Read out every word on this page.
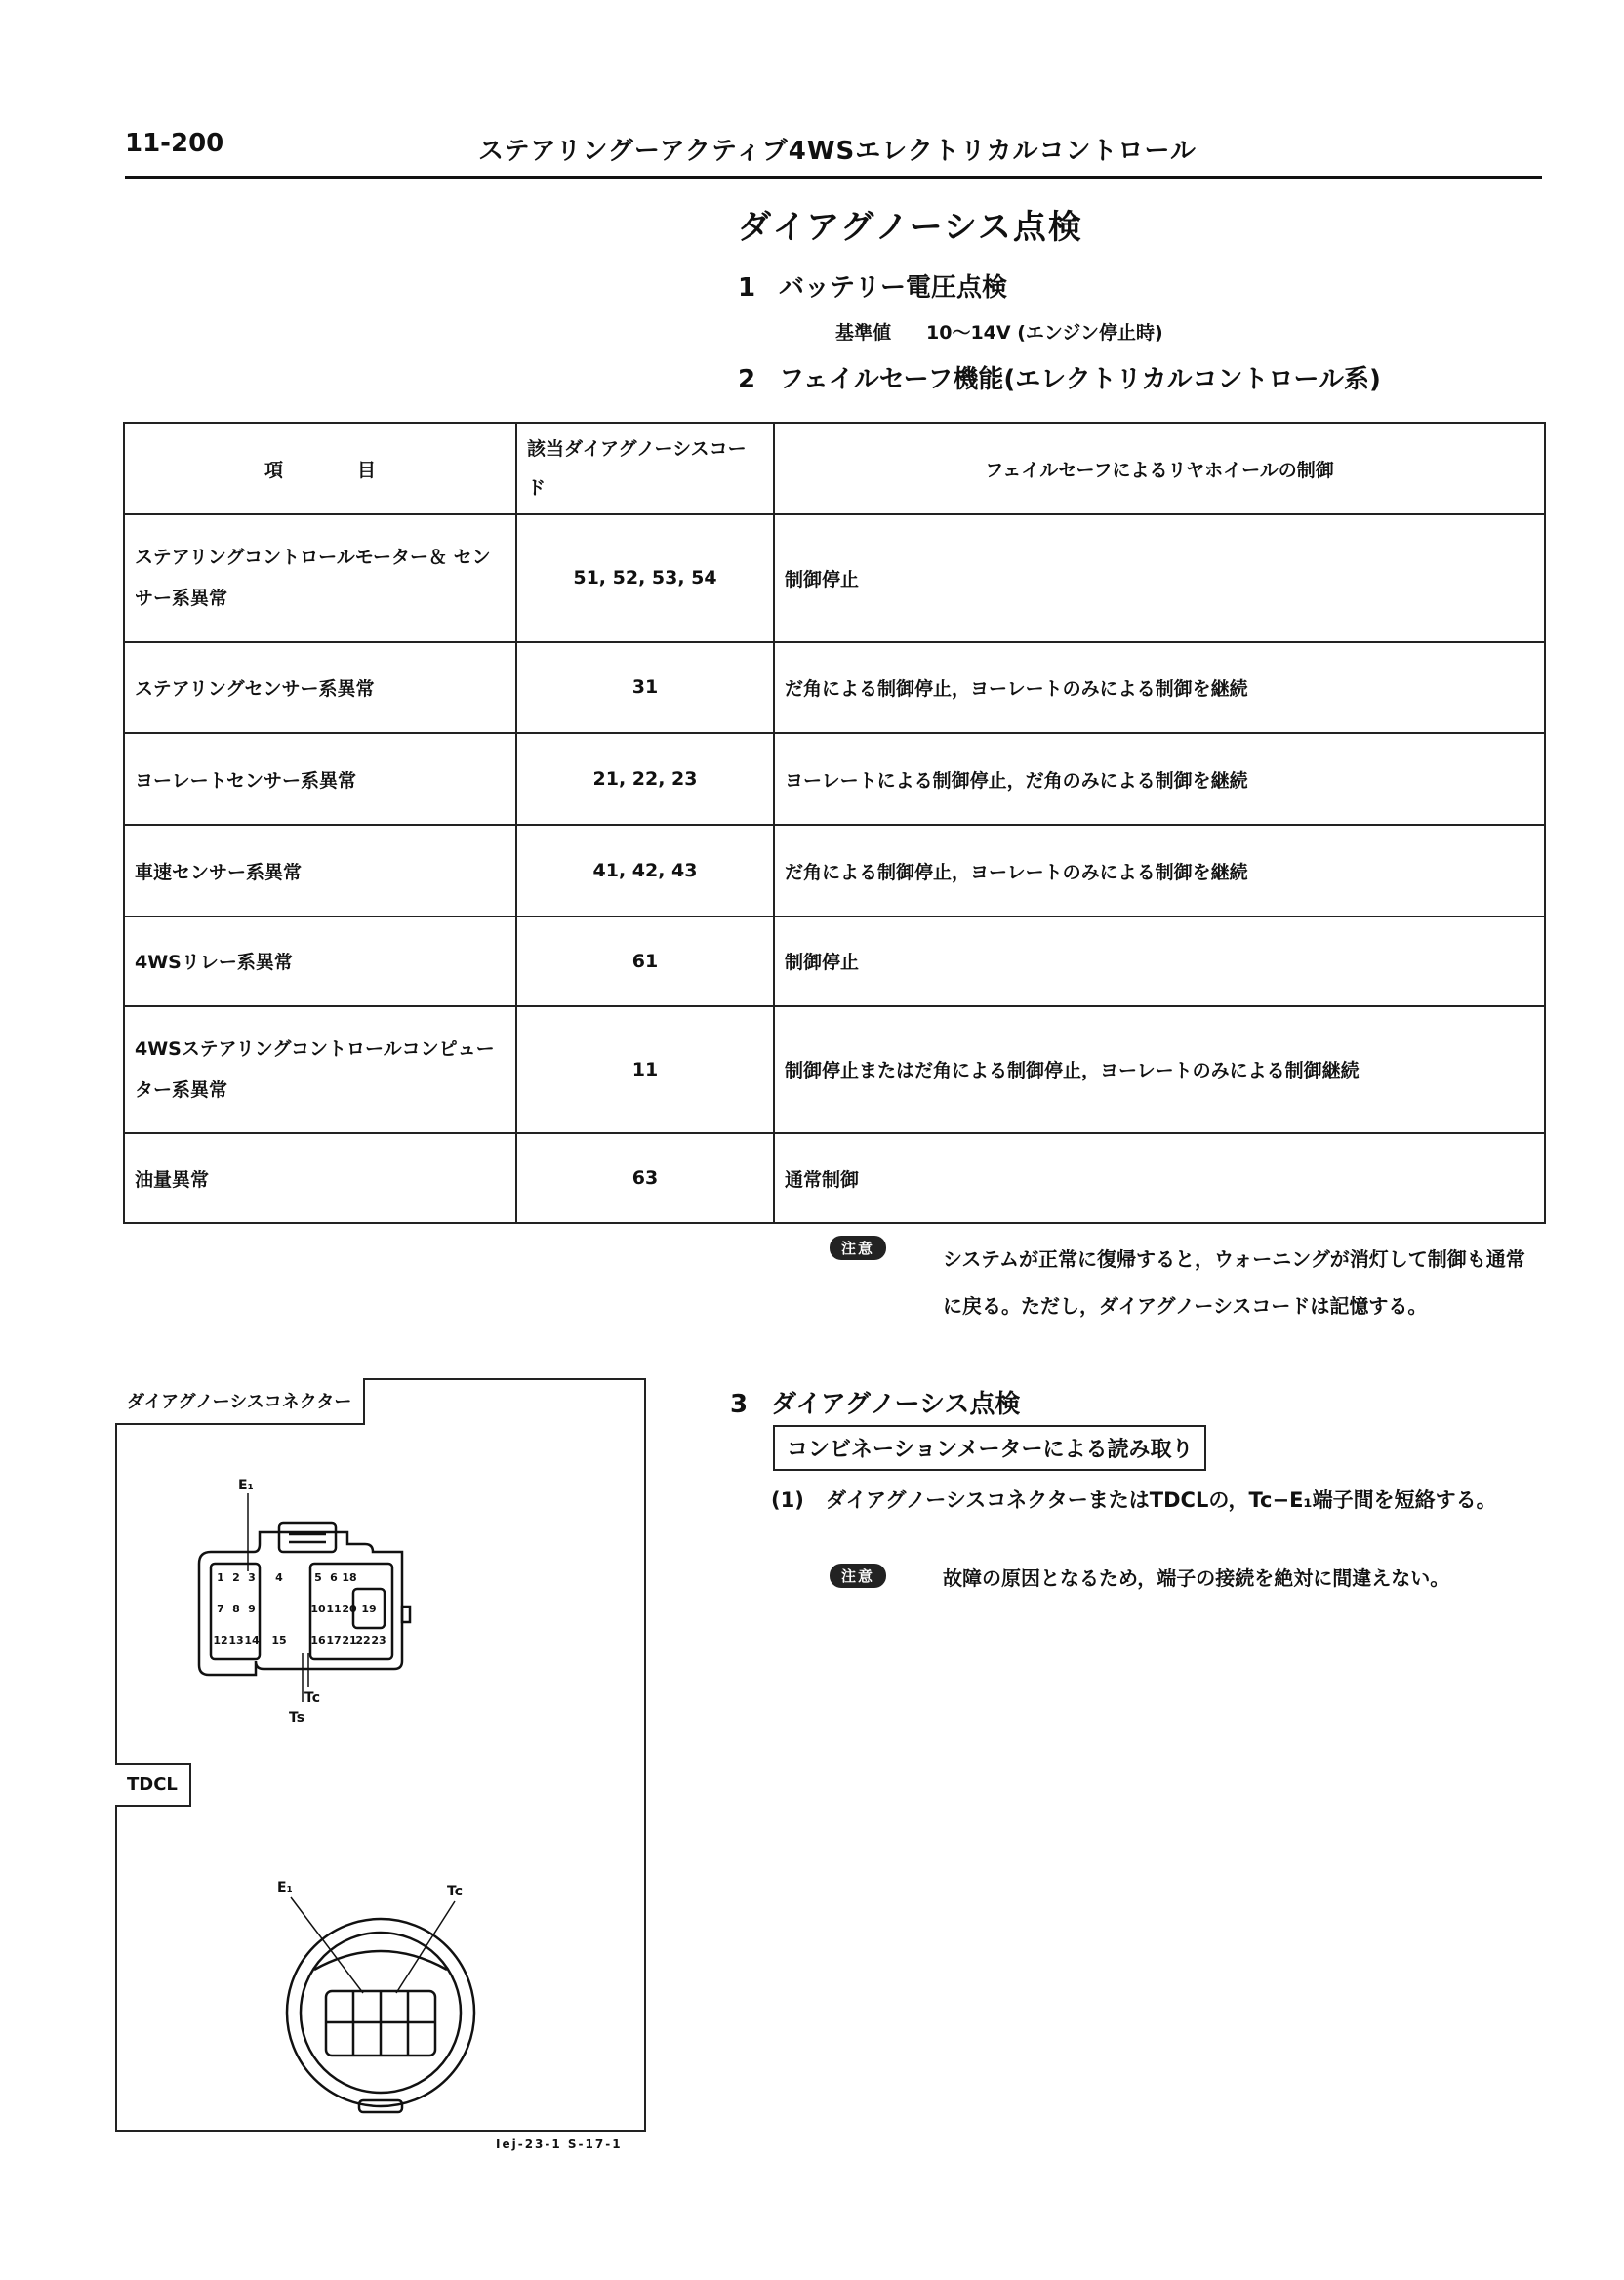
11-200	ステアリングーアクティブ4WSエレクトリカルコントロール
ダイアグノーシス点検
1 バッテリー電圧点検
基準値 10〜14V (エンジン停止時)
2 フェイルセーフ機能(エレクトリカルコントロール系)
項　　　　目	該当ダイアグノーシスコード	フェイルセーフによるリヤホイールの制御
ステアリングコントロールモーター＆ センサー系異常	51, 52, 53, 54	制御停止
ステアリングセンサー系異常	31	だ角による制御停止，ヨーレートのみによる制御を継続
ヨーレートセンサー系異常	21, 22, 23	ヨーレートによる制御停止，だ角のみによる制御を継続
車速センサー系異常	41, 42, 43	だ角による制御停止，ヨーレートのみによる制御を継続
4WSリレー系異常	61	制御停止
4WSステアリングコントロールコンピューター系異常	11	制御停止またはだ角による制御停止，ヨーレートのみによる制御継続
油量異常	63	通常制御
注意	システムが正常に復帰すると，ウォーニングが消灯して制御も通常に戻る。ただし，ダイアグノーシスコードは記憶する。
3 ダイアグノーシス点検
コンビネーションメーターによる読み取り
(1) ダイアグノーシスコネクターまたはTDCLの，Tc−E₁端子間を短絡する。
注意	故障の原因となるため，端子の接続を絶対に間違えない。
1 2 3 4	5 6 18
19
7 8 9	10 11 20
12 13 14 15 16 17 21
22 23
E₁
Tc
Ts
E₁	Tc
ダイアグノーシスコネクター
TDCL
Iej-23-1 S-17-1
